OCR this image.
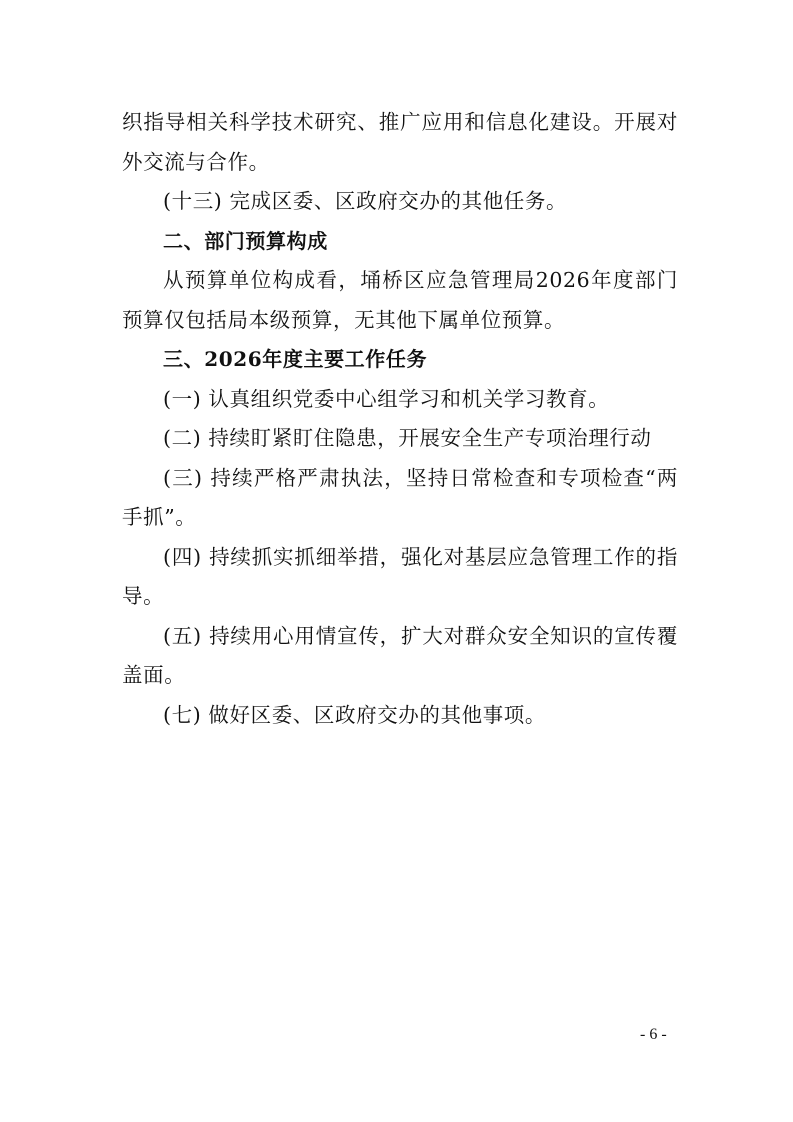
织指导相关科学技术研究、推广应用和信息化建设。开展对外交流与合作。

(十三) 完成区委、区政府交办的其他任务。

二、部门预算构成

从预算单位构成看，埇桥区应急管理局2026年度部门预算仅包括局本级预算，无其他下属单位预算。

三、2026年度主要工作任务

(一) 认真组织党委中心组学习和机关学习教育。

(二) 持续盯紧盯住隐患，开展安全生产专项治理行动

(三) 持续严格严肃执法，坚持日常检查和专项检查“两手抓”。

(四) 持续抓实抓细举措，强化对基层应急管理工作的指导。

(五) 持续用心用情宣传，扩大对群众安全知识的宣传覆盖面。

(七) 做好区委、区政府交办的其他事项。

- 6 -
